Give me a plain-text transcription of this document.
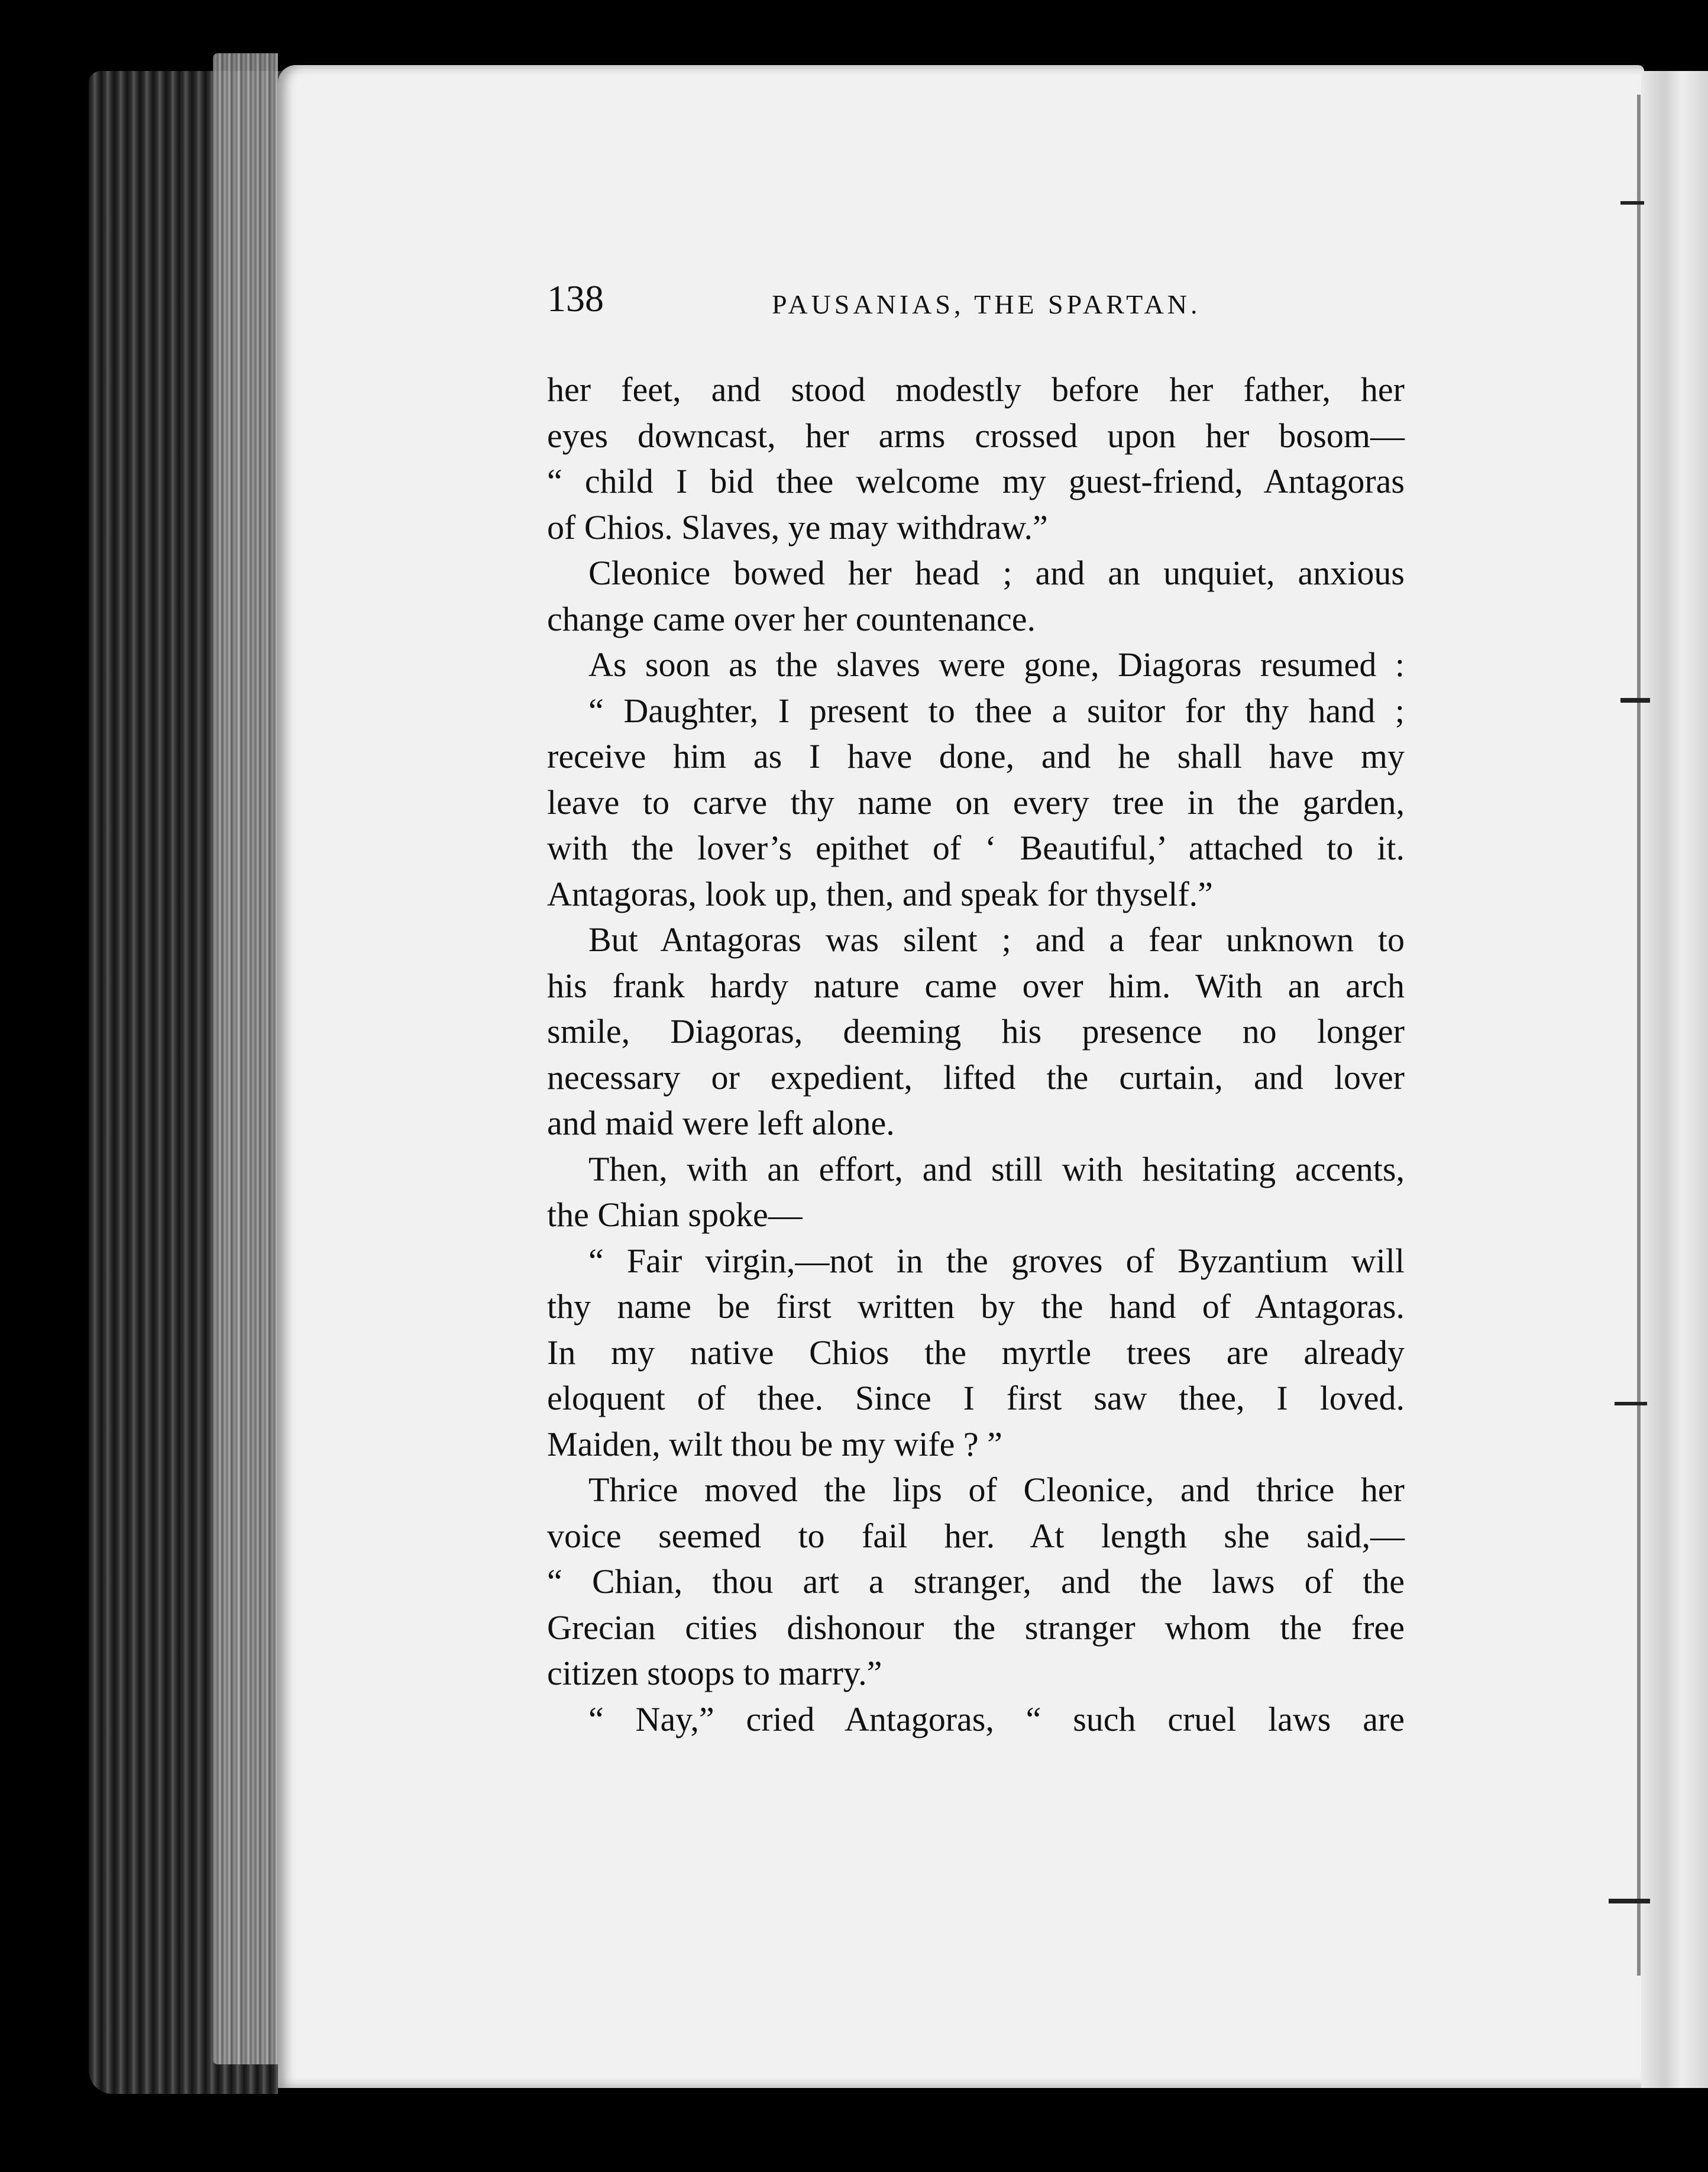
138	PAUSANIAS, THE SPARTAN.
her feet, and stood modestly before her father, her
eyes downcast, her arms crossed upon her bosom—
“ child I bid thee welcome my guest-friend, Antagoras
of Chios. Slaves, ye may withdraw.”
Cleonice bowed her head ; and an unquiet, anxious
change came over her countenance.
As soon as the slaves were gone, Diagoras resumed :
“ Daughter, I present to thee a suitor for thy hand ;
receive him as I have done, and he shall have my
leave to carve thy name on every tree in the garden,
with the lover’s epithet of ‘ Beautiful,’ attached to it.
Antagoras, look up, then, and speak for thyself.”
But Antagoras was silent ; and a fear unknown to
his frank hardy nature came over him. With an arch
smile, Diagoras, deeming his presence no longer
necessary or expedient, lifted the curtain, and lover
and maid were left alone.
Then, with an effort, and still with hesitating accents,
the Chian spoke—
“ Fair virgin,—not in the groves of Byzantium will
thy name be first written by the hand of Antagoras.
In my native Chios the myrtle trees are already
eloquent of thee. Since I first saw thee, I loved.
Maiden, wilt thou be my wife ? ”
Thrice moved the lips of Cleonice, and thrice her
voice seemed to fail her. At length she said,—
“ Chian, thou art a stranger, and the laws of the
Grecian cities dishonour the stranger whom the free
citizen stoops to marry.”
“ Nay,” cried Antagoras, “ such cruel laws are
